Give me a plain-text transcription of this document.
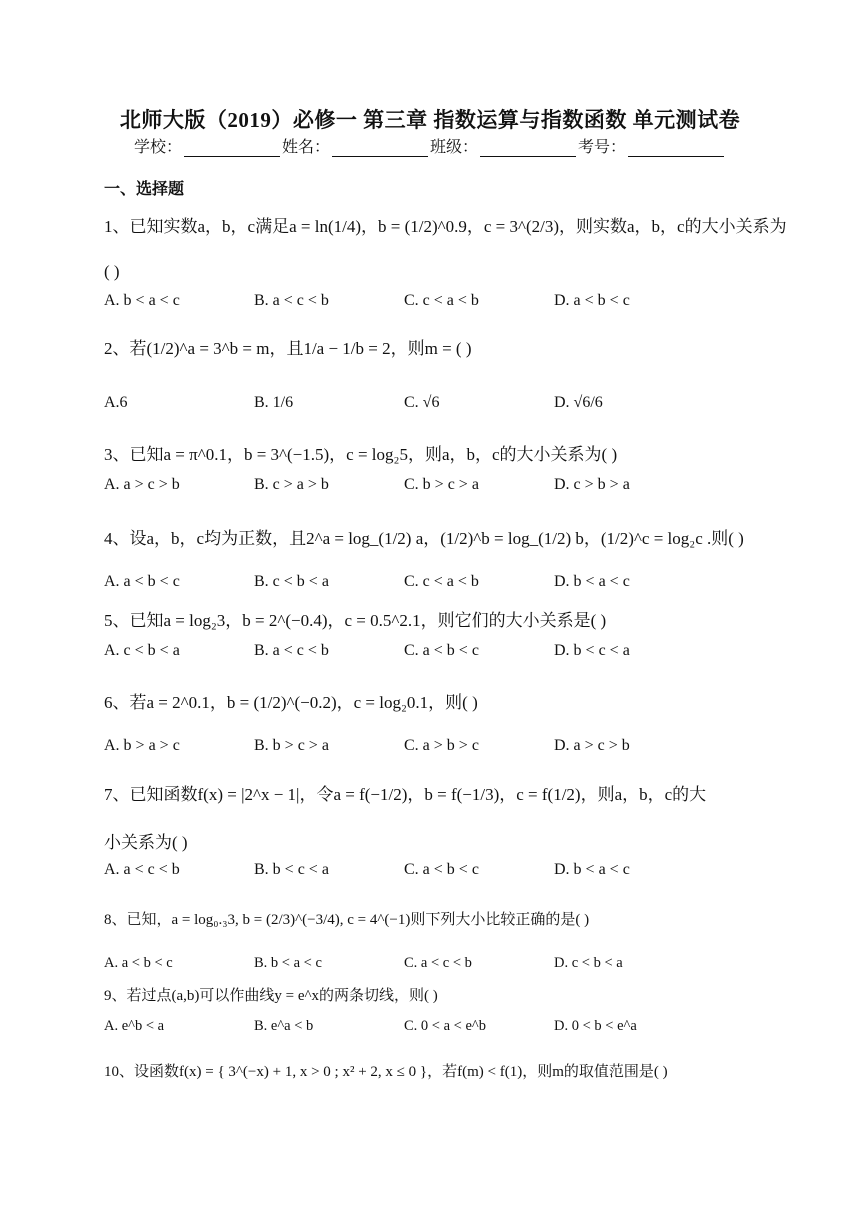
北师大版（2019）必修一 第三章 指数运算与指数函数 单元测试卷
学校：	姓名：	班级：	考号：
一、选择题
1、已知实数a，b，c满足a = ln(1/4)，b = (1/2)^0.9，c = 3^(2/3)，则实数a，b，c的大小关系为
( )
A. b < a < c	B. a < c < b	C. c < a < b	D. a < b < c
2、若(1/2)^a = 3^b = m，且1/a − 1/b = 2，则m = ( )
A.6	B. 1/6	C. √6	D. √6/6
3、已知a = π^0.1，b = 3^(−1.5)，c = log₂5，则a，b，c的大小关系为( )
A. a > c > b	B. c > a > b	C. b > c > a	D. c > b > a
4、设a，b，c均为正数，且2^a = log_(1/2) a，(1/2)^b = log_(1/2) b，(1/2)^c = log₂c .则( )
A. a < b < c	B. c < b < a	C. c < a < b	D. b < a < c
5、已知a = log₂3，b = 2^(−0.4)，c = 0.5^2.1，则它们的大小关系是( )
A. c < b < a	B. a < c < b	C. a < b < c	D. b < c < a
6、若a = 2^0.1，b = (1/2)^(−0.2)，c = log₂0.1，则( )
A. b > a > c	B. b > c > a	C. a > b > c	D. a > c > b
7、已知函数f(x) = |2^x − 1|，令a = f(−1/2)，b = f(−1/3)，c = f(1/2)，则a，b，c的大
小关系为( )
A. a < c < b	B. b < c < a	C. a < b < c	D. b < a < c
8、已知，a = log₀.₃3, b = (2/3)^(−3/4), c = 4^(−1)则下列大小比较正确的是( )
A. a < b < c	B. b < a < c	C. a < c < b	D. c < b < a
9、若过点(a,b)可以作曲线y = e^x的两条切线，则( )
A. e^b < a	B. e^a < b	C. 0 < a < e^b	D. 0 < b < e^a
10、设函数f(x) = { 3^(−x) + 1, x > 0 ; x² + 2, x ≤ 0 }，若f(m) < f(1)，则m的取值范围是( )
